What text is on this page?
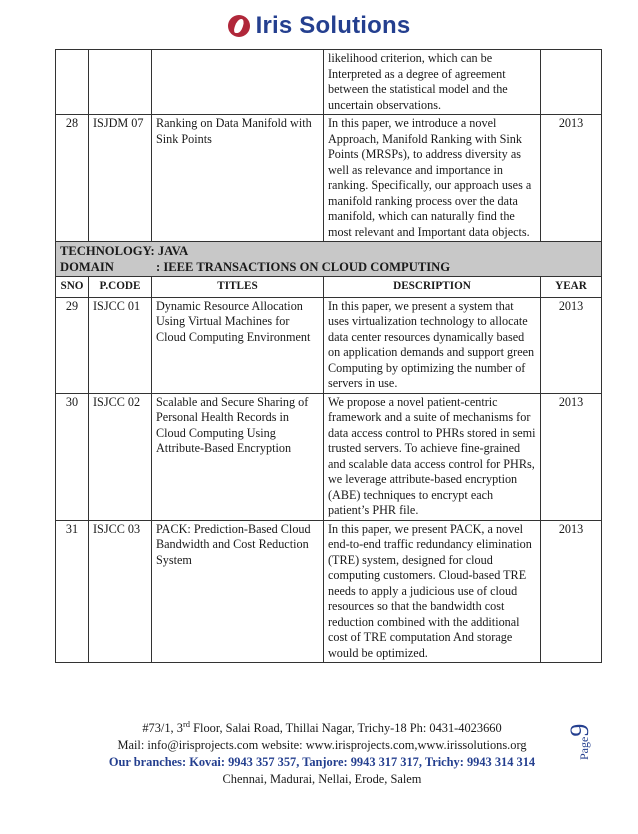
Iris Solutions
			likelihood criterion, which can be Interpreted as a degree of agreement between the statistical model and the uncertain observations.	
28	ISJDM 07	Ranking on Data Manifold with Sink Points	In this paper, we introduce a novel Approach, Manifold Ranking with Sink Points (MRSPs), to address diversity as well as relevance and importance in ranking. Specifically, our approach uses a manifold ranking process over the data manifold, which can naturally find the most relevant and Important data objects.	2013

TECHNOLOGY: JAVA
DOMAIN : IEEE TRANSACTIONS ON CLOUD COMPUTING				

SNO	P.CODE	TITLES	DESCRIPTION	YEAR
29	ISJCC 01	Dynamic Resource Allocation Using Virtual Machines for Cloud Computing Environment	In this paper, we present a system that uses virtualization technology to allocate data center resources dynamically based on application demands and support green Computing by optimizing the number of servers in use.	2013
30	ISJCC 02	Scalable and Secure Sharing of Personal Health Records in Cloud Computing Using Attribute-Based Encryption	We propose a novel patient-centric framework and a suite of mechanisms for data access control to PHRs stored in semi trusted servers. To achieve fine-grained and scalable data access control for PHRs, we leverage attribute-based encryption (ABE) techniques to encrypt each patient’s PHR file.	2013
31	ISJCC 03	PACK: Prediction-Based Cloud Bandwidth and Cost Reduction System	In this paper, we present PACK, a novel end-to-end traffic redundancy elimination (TRE) system, designed for cloud computing customers. Cloud-based TRE needs to apply a judicious use of cloud resources so that the bandwidth cost reduction combined with the additional cost of TRE computation And storage would be optimized.	2013
#73/1, 3rd Floor, Salai Road, Thillai Nagar, Trichy-18 Ph: 0431-4023660
Mail: info@irisprojects.com website: www.irisprojects.com,www.irissolutions.org
Our branches: Kovai: 9943 357 357, Tanjore: 9943 317 317, Trichy: 9943 314 314
Chennai, Madurai, Nellai, Erode, Salem
Page9
